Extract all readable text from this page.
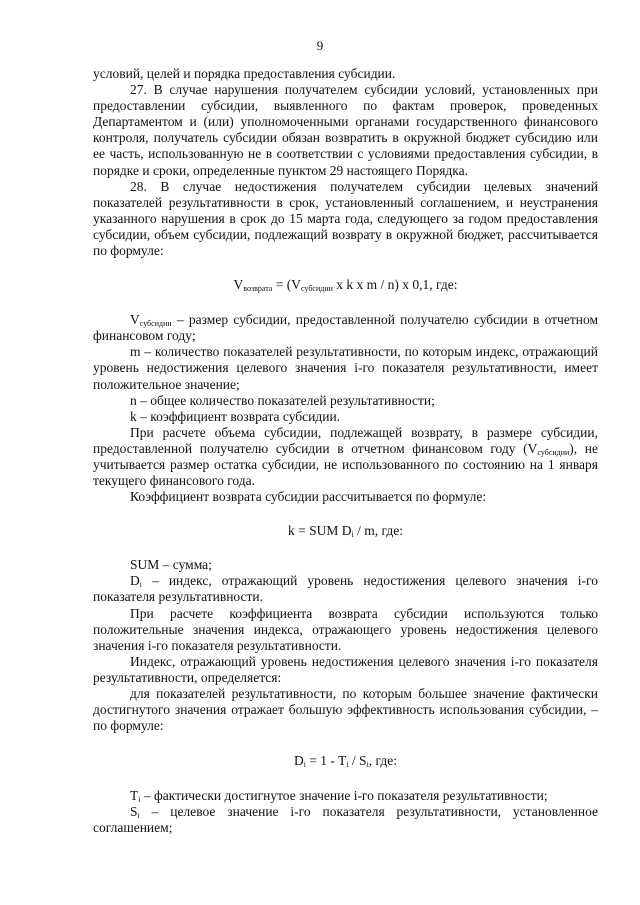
9

условий, целей и порядка предоставления субсидии.

27. В случае нарушения получателем субсидии условий, установленных при предоставлении субсидии, выявленного по фактам проверок, проведенных Департаментом и (или) уполномоченными органами государственного финансового контроля, получатель субсидии обязан возвратить в окружной бюджет субсидию или ее часть, использованную не в соответствии с условиями предоставления субсидии, в порядке и сроки, определенные пунктом 29 настоящего Порядка.

28. В случае недостижения получателем субсидии целевых значений показателей результативности в срок, установленный соглашением, и неустранения указанного нарушения в срок до 15 марта года, следующего за годом предоставления субсидии, объем субсидии, подлежащий возврату в окружной бюджет, рассчитывается по формуле:

$V_{возврата} = (V_{субсидии}$ x k x m / n) x 0,1, где:

$V_{субсидии}$ – размер субсидии, предоставленной получателю субсидии в отчетном финансовом году;

m – количество показателей результативности, по которым индекс, отражающий уровень недостижения целевого значения i-го показателя результативности, имеет положительное значение;

n – общее количество показателей результативности;

k – коэффициент возврата субсидии.

При расчете объема субсидии, подлежащей возврату, в размере субсидии, предоставленной получателю субсидии в отчетном финансовом году $(V_{субсидии})$, не учитывается размер остатка субсидии, не использованного по состоянию на 1 января текущего финансового года.

Коэффициент возврата субсидии рассчитывается по формуле:

k = SUM $D_i$ / m, где:

SUM – сумма;

$D_i$ – индекс, отражающий уровень недостижения целевого значения i-го показателя результативности.

При расчете коэффициента возврата субсидии используются только положительные значения индекса, отражающего уровень недостижения целевого значения i-го показателя результативности.

Индекс, отражающий уровень недостижения целевого значения i-го показателя результативности, определяется:

для показателей результативности, по которым большее значение фактически достигнутого значения отражает большую эффективность использования субсидии, – по формуле:

$D_i = 1 - T_i / S_i$, где:

$T_i$ – фактически достигнутое значение i-го показателя результативности;

$S_i$ – целевое значение i-го показателя результативности, установленное соглашением;
